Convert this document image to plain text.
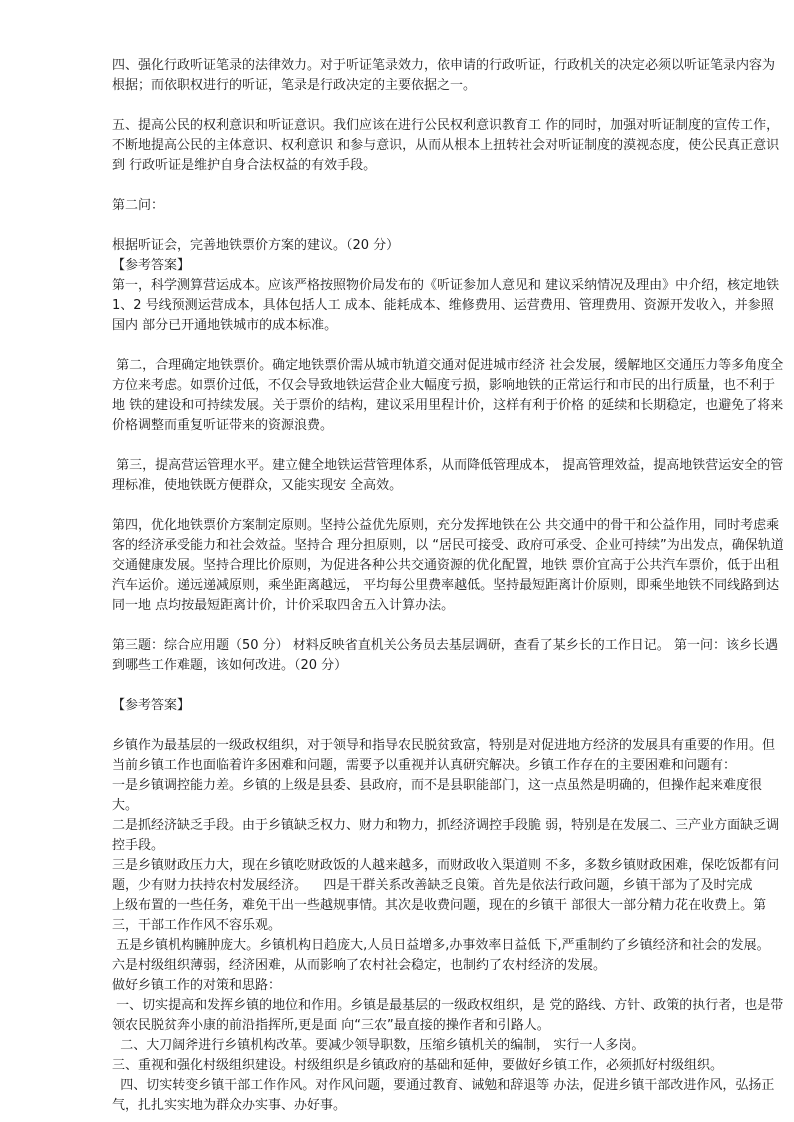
四、强化行政听证笔录的法律效力。对于听证笔录效力，依申请的行政听证，行政机关的决定必须以听证笔录内容为根据；而依职权进行的听证，笔录是行政决定的主要依据之一。

五、提高公民的权利意识和听证意识。我们应该在进行公民权利意识教育工 作的同时，加强对听证制度的宣传工作，不断地提高公民的主体意识、权利意识 和参与意识，从而从根本上扭转社会对听证制度的漠视态度，使公民真正意识到 行政听证是维护自身合法权益的有效手段。

第二问：

根据听证会，完善地铁票价方案的建议。（20 分）

【参考答案】

第一，科学测算营运成本。应该严格按照物价局发布的《听证参加人意见和 建议采纳情况及理由》中介绍，核定地铁 1、2 号线预测运营成本，具体包括人工 成本、能耗成本、维修费用、运营费用、管理费用、资源开发收入，并参照国内 部分已开通地铁城市的成本标准。

第二，合理确定地铁票价。确定地铁票价需从城市轨道交通对促进城市经济 社会发展，缓解地区交通压力等多角度全方位来考虑。如票价过低，不仅会导致地铁运营企业大幅度亏损，影响地铁的正常运行和市民的出行质量，也不利于地 铁的建设和可持续发展。关于票价的结构，建议采用里程计价，这样有利于价格 的延续和长期稳定，也避免了将来价格调整而重复听证带来的资源浪费。

第三，提高营运管理水平。建立健全地铁运营管理体系，从而降低管理成本， 提高管理效益，提高地铁营运安全的管理标准，使地铁既方便群众，又能实现安 全高效。

第四，优化地铁票价方案制定原则。坚持公益优先原则，充分发挥地铁在公 共交通中的骨干和公益作用，同时考虑乘客的经济承受能力和社会效益。坚持合 理分担原则，以 “居民可接受、政府可承受、企业可持续”为出发点，确保轨道 交通健康发展。坚持合理比价原则，为促进各种公共交通资源的优化配置，地铁 票价宜高于公共汽车票价，低于出租汽车运价。递远递减原则，乘坐距离越远， 平均每公里费率越低。坚持最短距离计价原则，即乘坐地铁不同线路到达同一地 点均按最短距离计价，计价采取四舍五入计算办法。

第三题：综合应用题（50 分） 材料反映省直机关公务员去基层调研，查看了某乡长的工作日记。 第一问：该乡长遇到哪些工作难题，该如何改进。（20 分）

【参考答案】

乡镇作为最基层的一级政权组织，对于领导和指导农民脱贫致富，特别是对促进地方经济的发展具有重要的作用。但当前乡镇工作也面临着许多困难和问题，需要予以重视并认真研究解决。乡镇工作存在的主要困难和问题有：
一是乡镇调控能力差。乡镇的上级是县委、县政府，而不是县职能部门，这一点虽然是明确的，但操作起来难度很大。
二是抓经济缺乏手段。由于乡镇缺乏权力、财力和物力，抓经济调控手段脆 弱，特别是在发展二、三产业方面缺乏调控手段。
三是乡镇财政压力大，现在乡镇吃财政饭的人越来越多，而财政收入渠道则 不多，多数乡镇财政困难，保吃饭都有问题，少有财力扶持农村发展经济。    四是干群关系改善缺乏良策。首先是依法行政问题，乡镇干部为了及时完成
上级布置的一些任务，难免干出一些越规事情。其次是收费问题，现在的乡镇干 部很大一部分精力花在收费上。第三，干部工作作风不容乐观。
五是乡镇机构臃肿庞大。乡镇机构日趋庞大,人员日益增多,办事效率日益低 下,严重制约了乡镇经济和社会的发展。
六是村级组织薄弱，经济困难，从而影响了农村社会稳定，也制约了农村经济的发展。
做好乡镇工作的对策和思路：
一、切实提高和发挥乡镇的地位和作用。乡镇是最基层的一级政权组织，是 党的路线、方针、政策的执行者，也是带领农民脱贫奔小康的前沿指挥所,更是面 向“三农”最直接的操作者和引路人。
二、大刀阔斧进行乡镇机构改革。要减少领导职数，压缩乡镇机关的编制， 实行一人多岗。
三、重视和强化村级组织建设。村级组织是乡镇政府的基础和延伸，要做好乡镇工作，必须抓好村级组织。
四、切实转变乡镇干部工作作风。对作风问题，要通过教育、诫勉和辞退等 办法，促进乡镇干部改进作风，弘扬正气，扎扎实实地为群众办实事、办好事。
